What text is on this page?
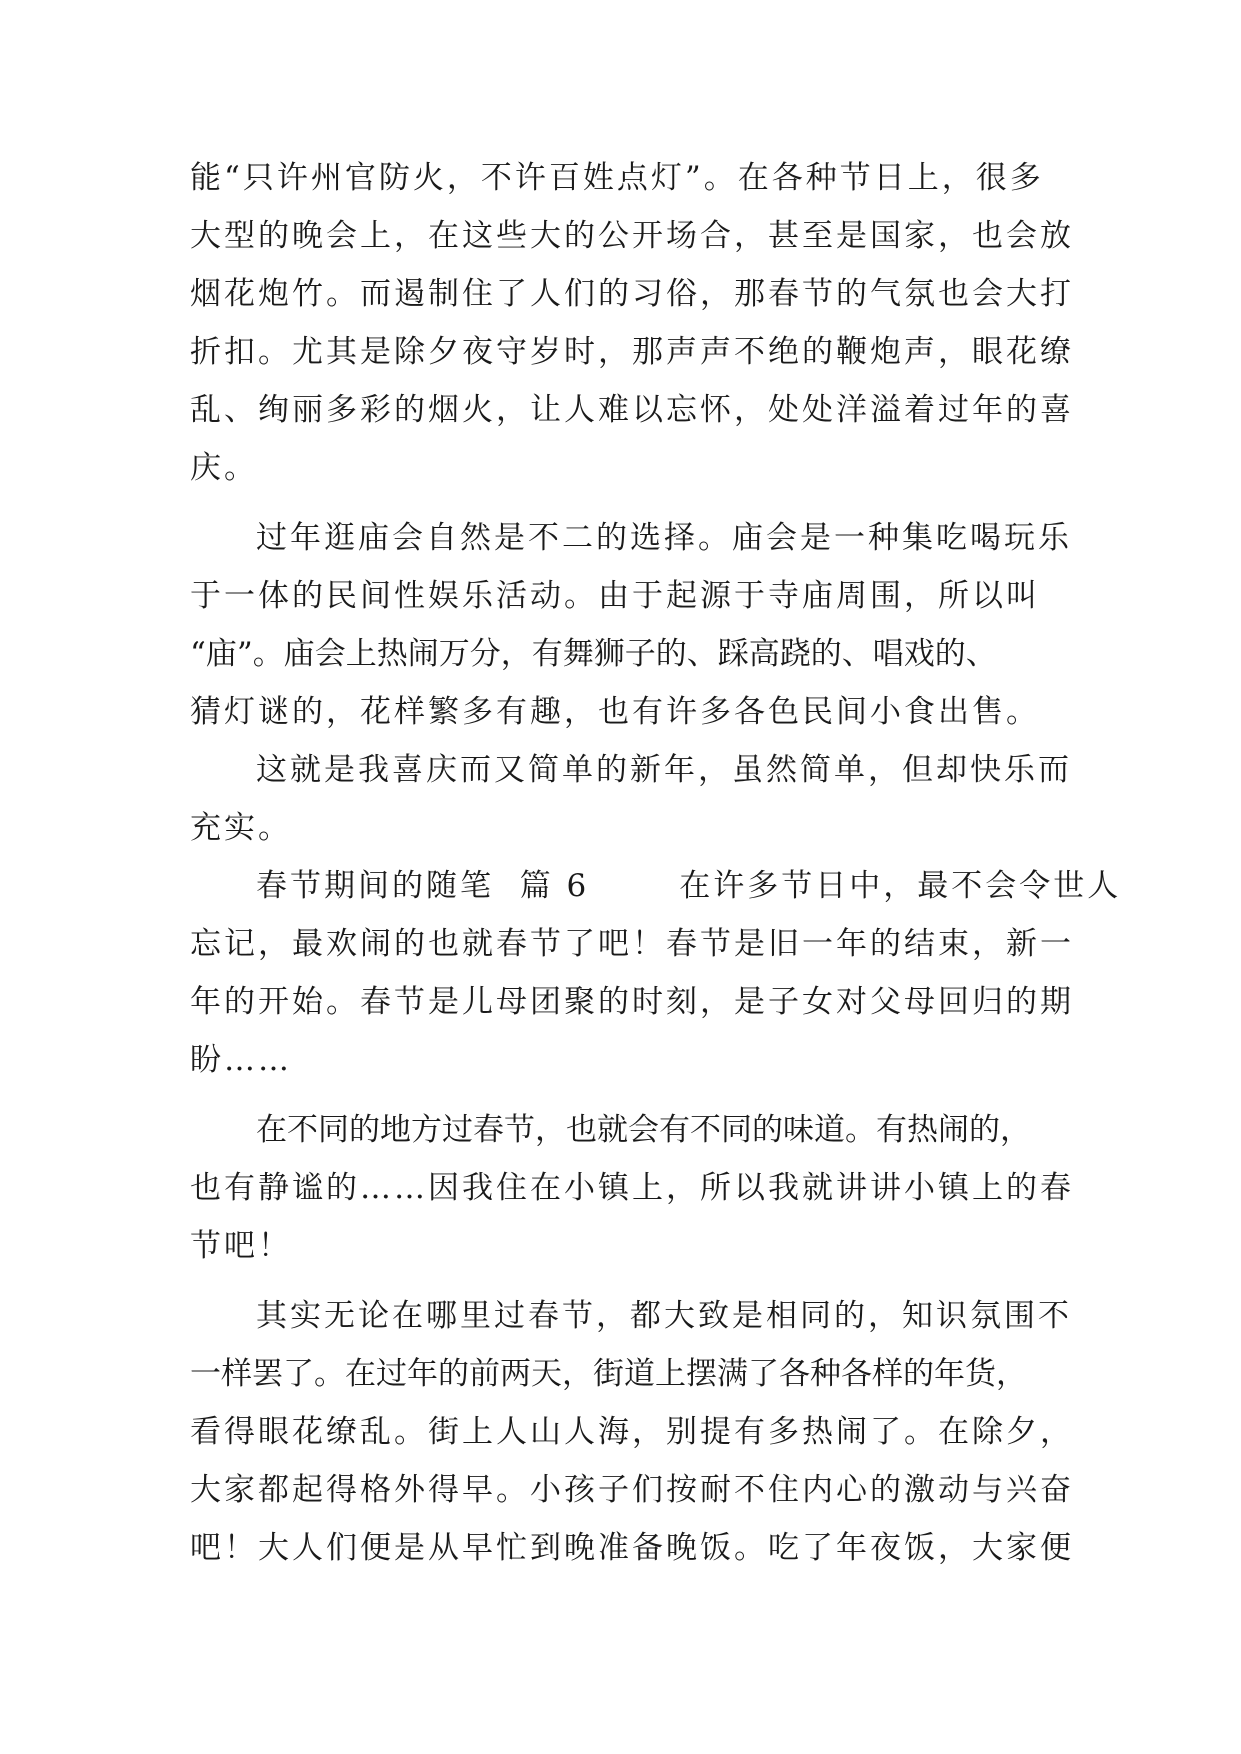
能“只许州官防火，不许百姓点灯”。在各种节日上，很多
大型的晚会上，在这些大的公开场合，甚至是国家，也会放
烟花炮竹。而遏制住了人们的习俗，那春节的气氛也会大打
折扣。尤其是除夕夜守岁时，那声声不绝的鞭炮声，眼花缭
乱、绚丽多彩的烟火，让人难以忘怀，处处洋溢着过年的喜
庆。
过年逛庙会自然是不二的选择。庙会是一种集吃喝玩乐
于一体的民间性娱乐活动。由于起源于寺庙周围，所以叫
“庙”。庙会上热闹万分，有舞狮子的、踩高跷的、唱戏的、
猜灯谜的，花样繁多有趣，也有许多各色民间小食出售。
这就是我喜庆而又简单的新年，虽然简单，但却快乐而
充实。
春节期间的随笔  篇 6       在许多节日中，最不会令世人
忘记，最欢闹的也就春节了吧！春节是旧一年的结束，新一
年的开始。春节是儿母团聚的时刻，是子女对父母回归的期
盼……
在不同的地方过春节，也就会有不同的味道。有热闹的，
也有静谧的……因我住在小镇上，所以我就讲讲小镇上的春
节吧！
其实无论在哪里过春节，都大致是相同的，知识氛围不
一样罢了。在过年的前两天，街道上摆满了各种各样的年货，
看得眼花缭乱。街上人山人海，别提有多热闹了。在除夕，
大家都起得格外得早。小孩子们按耐不住内心的激动与兴奋
吧！大人们便是从早忙到晚准备晚饭。吃了年夜饭，大家便
